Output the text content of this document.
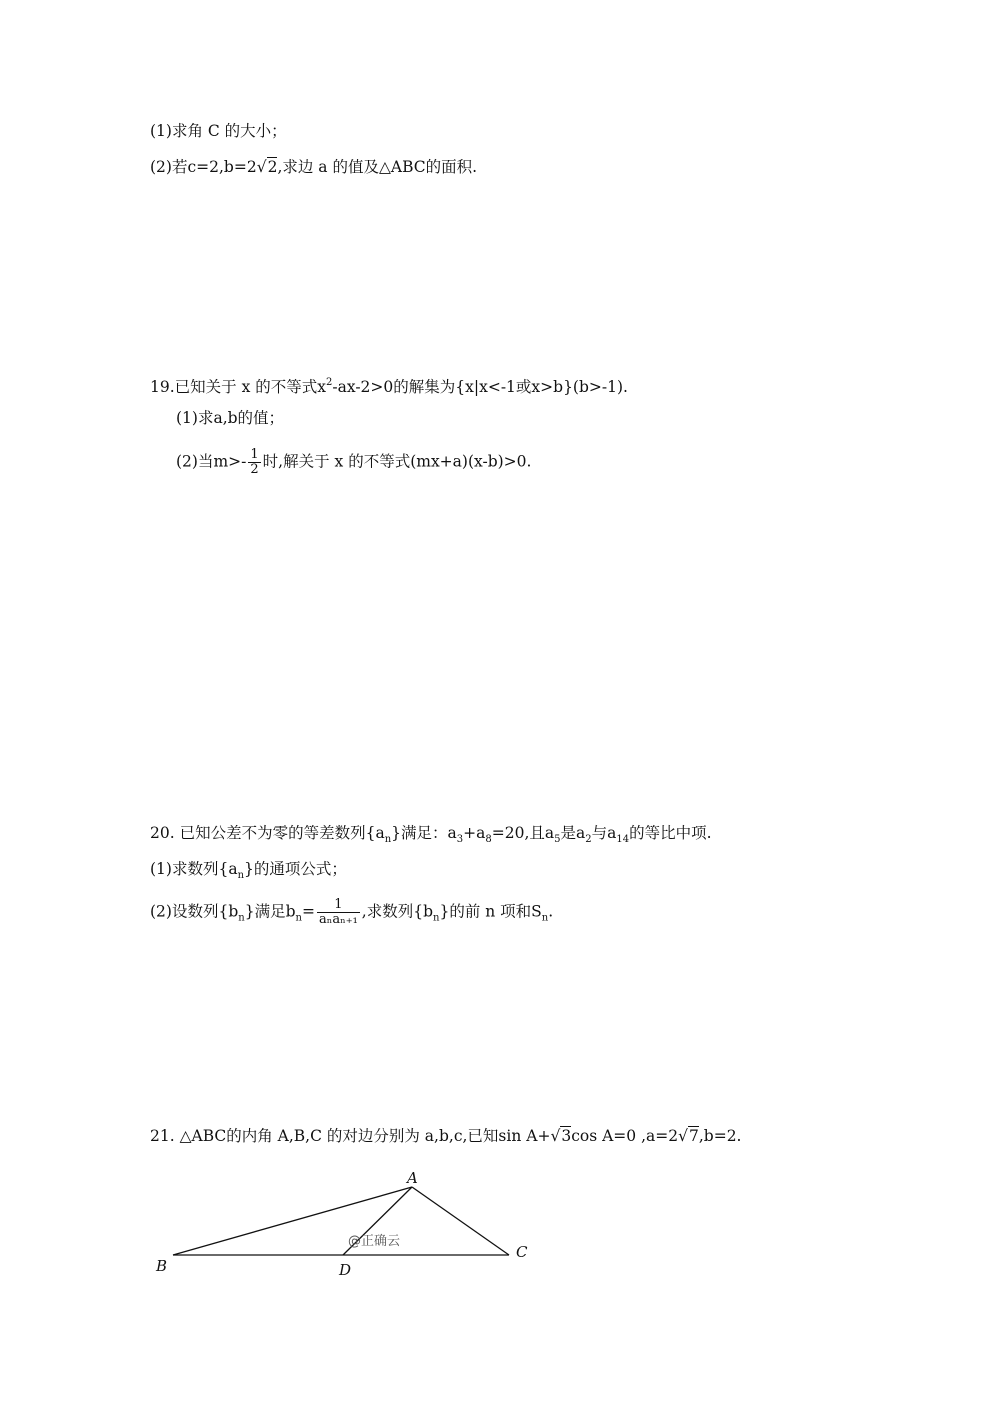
(1)求角 C 的大小；
(2)若c=2,b=2√2,求边 a 的值及△ABC的面积.
19.已知关于 x 的不等式$x^2-ax-2>0$的解集为{x|x<-1或x>b}(b>-1).
(1)求a,b的值；
(2)当$m>- \frac{1}{2}$ 时,解关于 x 的不等式(mx+a)(x-b)>0.
20. 已知公差不为零的等差数列$\{a_n\}$满足：$a_3+a_8=20$,且$a_5$是$a_2$与$a_{14}$的等比中项.
(1)求数列$\{a_n\}$的通项公式；
(2)设数列$\{b_n\}$满足$b_n= \frac{1}{\text{aₙaₙ₊₁}}$ ,求数列$\{b_n\}$的前 n 项和$S_n$.
21. △ABC的内角 A,B,C 的对边分别为 a,b,c,已知sin A+√3cos A=0 ,a=2√7,b=2.
A
B
C
D
@正确云
